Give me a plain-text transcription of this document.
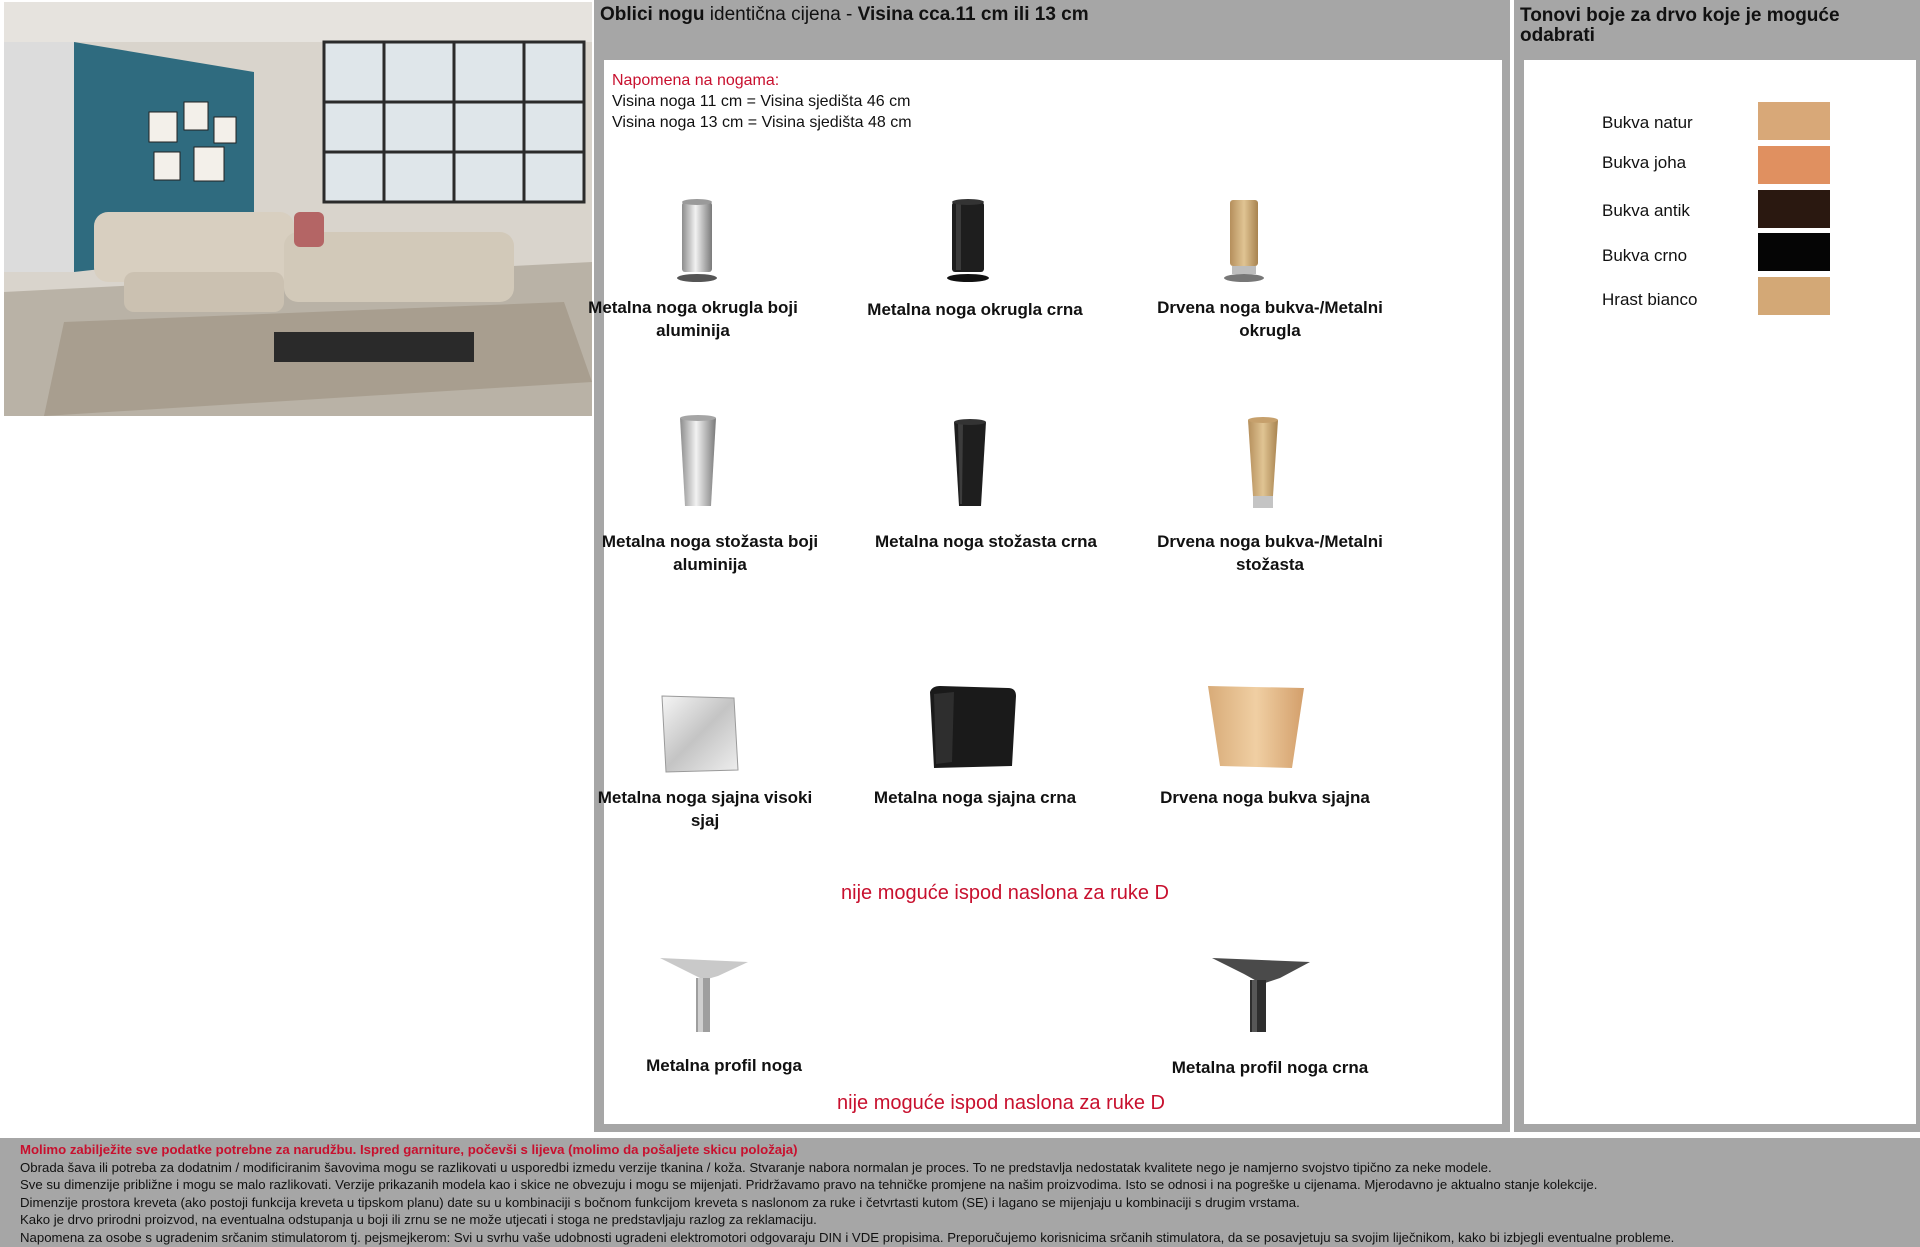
Oblici nogu identična cijena - Visina cca.11 cm ili 13 cm
Napomena na nogama:
Visina noga 11 cm = Visina sjedišta 46 cm
Visina noga 13 cm = Visina sjedišta 48 cm
Metalna noga okrugla boji aluminija
Metalna noga okrugla crna	Drvena noga bukva-/Metalni okrugla
Metalna noga stožasta boji aluminija
Metalna noga stožasta crna	Drvena noga bukva-/Metalni stožasta
Metalna noga sjajna visoki sjaj
Metalna noga sjajna crna	Drvena noga bukva sjajna
nije moguće ispod naslona za ruke D
Metalna profil noga	Metalna profil noga crna
nije moguće ispod naslona za ruke D
Tonovi boje za drvo koje je moguće odabrati
Bukva natur
Bukva joha
Bukva antik
Bukva crno
Hrast bianco
Molimo zabilježite sve podatke potrebne za narudžbu. Ispred garniture, počevši s lijeva (molimo da pošaljete skicu položaja)
Obrada šava ili potreba za dodatnim / modificiranim šavovima mogu se razlikovati u usporedbi izmedu verzije tkanina / koža. Stvaranje nabora normalan je proces. To ne predstavlja nedostatak kvalitete nego je namjerno svojstvo tipično za neke modele.
Sve su dimenzije približne i mogu se malo razlikovati. Verzije prikazanih modela kao i skice ne obvezuju i mogu se mijenjati. Pridržavamo pravo na tehničke promjene na našim proizvodima. Isto se odnosi i na pogreške u cijenama. Mjerodavno je aktualno stanje kolekcije.
Dimenzije prostora kreveta (ako postoji funkcija kreveta u tipskom planu) date su u kombinaciji s bočnom funkcijom kreveta s naslonom za ruke i četvrtasti kutom (SE) i lagano se mijenjaju u kombinaciji s drugim vrstama.
Kako je drvo prirodni proizvod, na eventualna odstupanja u boji ili zrnu se ne može utjecati i stoga ne predstavljaju razlog za reklamaciju.
Napomena za osobe s ugradenim srčanim stimulatorom tj. pejsmejkerom: Svi u svrhu vaše udobnosti ugradeni elektromotori odgovaraju DIN i VDE propisima. Preporučujemo korisnicima srčanih stimulatora, da se posavjetuju sa svojim liječnikom, kako bi izbjegli eventualne probleme.
